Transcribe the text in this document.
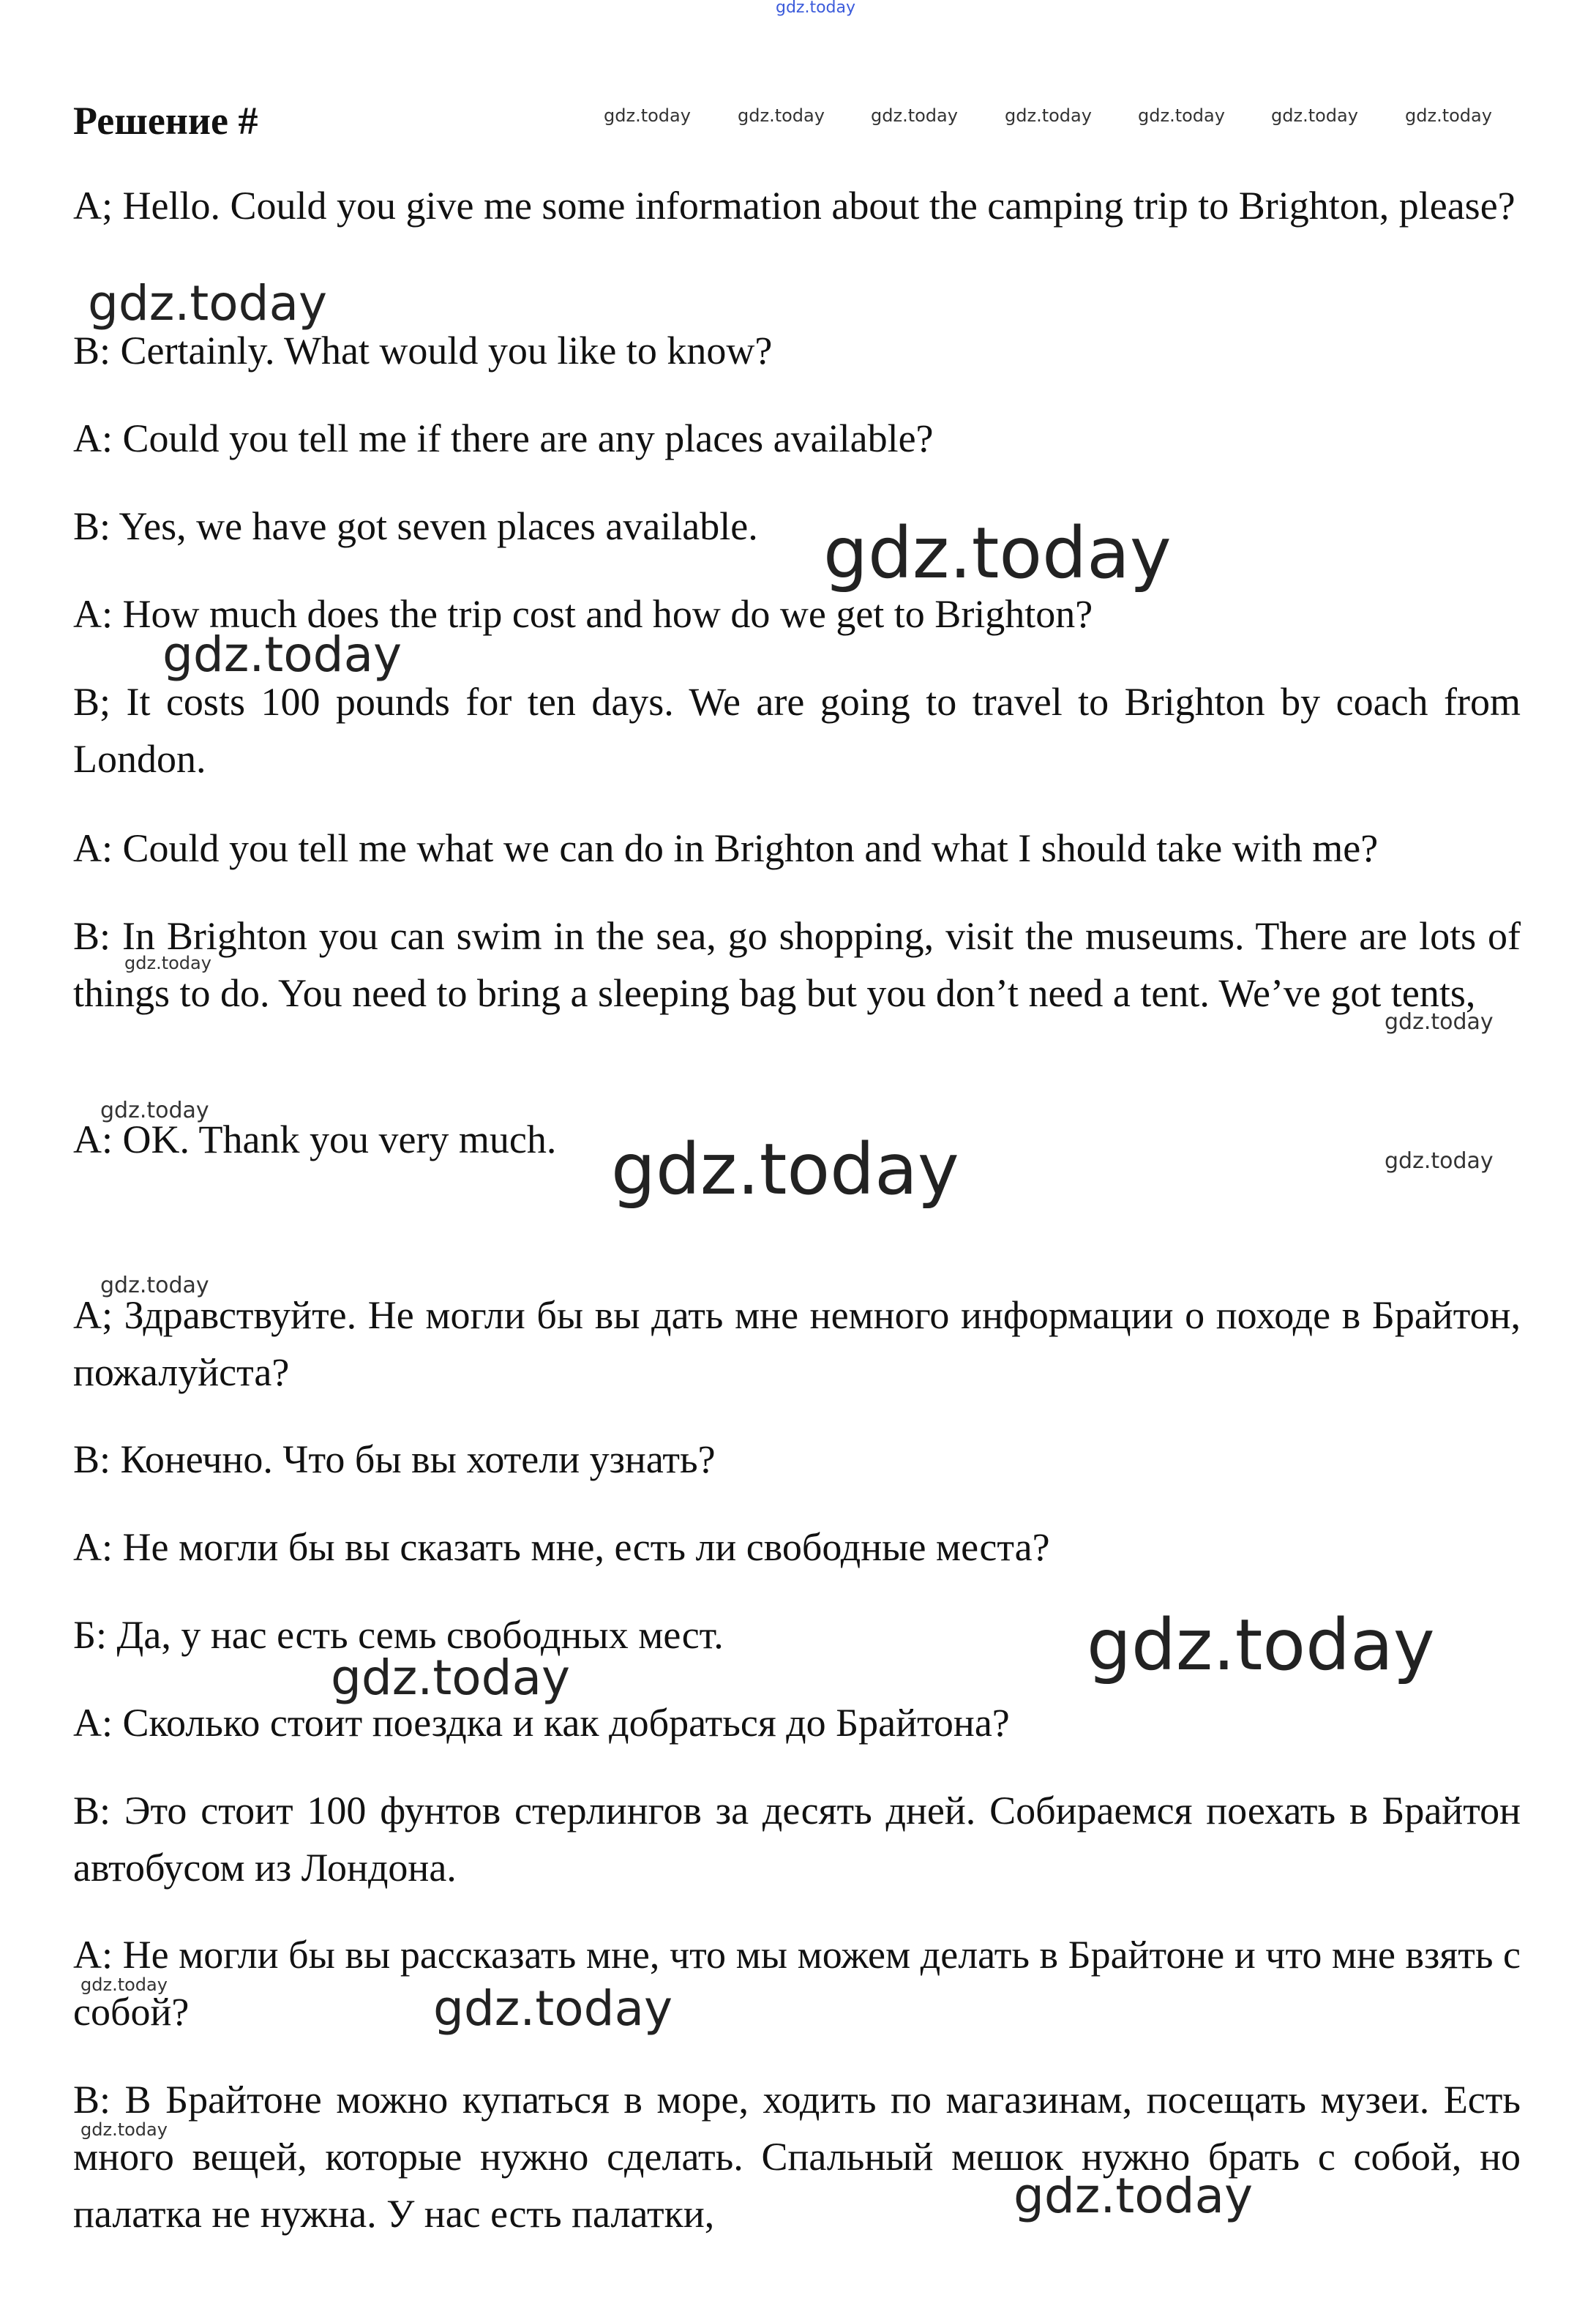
gdz.today
gdz.today	gdz.today	gdz.today	gdz.today	gdz.today	gdz.today	gdz.today
gdz.today
gdz.today
gdz.today
gdz.today
gdz.today
gdz.today
gdz.today	gdz.today
gdz.today
gdz.today
gdz.today
gdz.today	gdz.today
gdz.today
gdz.today
Решение #

A; Hello. Could you give me some information about the camping trip to Brighton, please?

B: Certainly. What would you like to know?

A: Could you tell me if there are any places available?

B: Yes, we have got seven places available.

A: How much does the trip cost and how do we get to Brighton?

B; It costs 100 pounds for ten days. We are going to travel to Brighton by coach from London.

A: Could you tell me what we can do in Brighton and what I should take with me?

B: In Brighton you can swim in the sea, go shopping, visit the museums. There are lots of things to do. You need to bring a sleeping bag but you don’t need a tent. We’ve got tents,

A: OK. Thank you very much.

А; Здравствуйте. Не могли бы вы дать мне немного информации о походе в Брайтон, пожалуйста?

В: Конечно. Что бы вы хотели узнать?

А: Не могли бы вы сказать мне, есть ли свободные места?

Б: Да, у нас есть семь свободных мест.

А: Сколько стоит поездка и как добраться до Брайтона?

В: Это стоит 100 фунтов стерлингов за десять дней. Собираемся поехать в Брайтон автобусом из Лондона.

А: Не могли бы вы рассказать мне, что мы можем делать в Брайтоне и что мне взять с собой?

В: В Брайтоне можно купаться в море, ходить по магазинам, посещать музеи. Есть много вещей, которые нужно сделать. Спальный мешок нужно брать с собой, но палатка не нужна. У нас есть палатки,
